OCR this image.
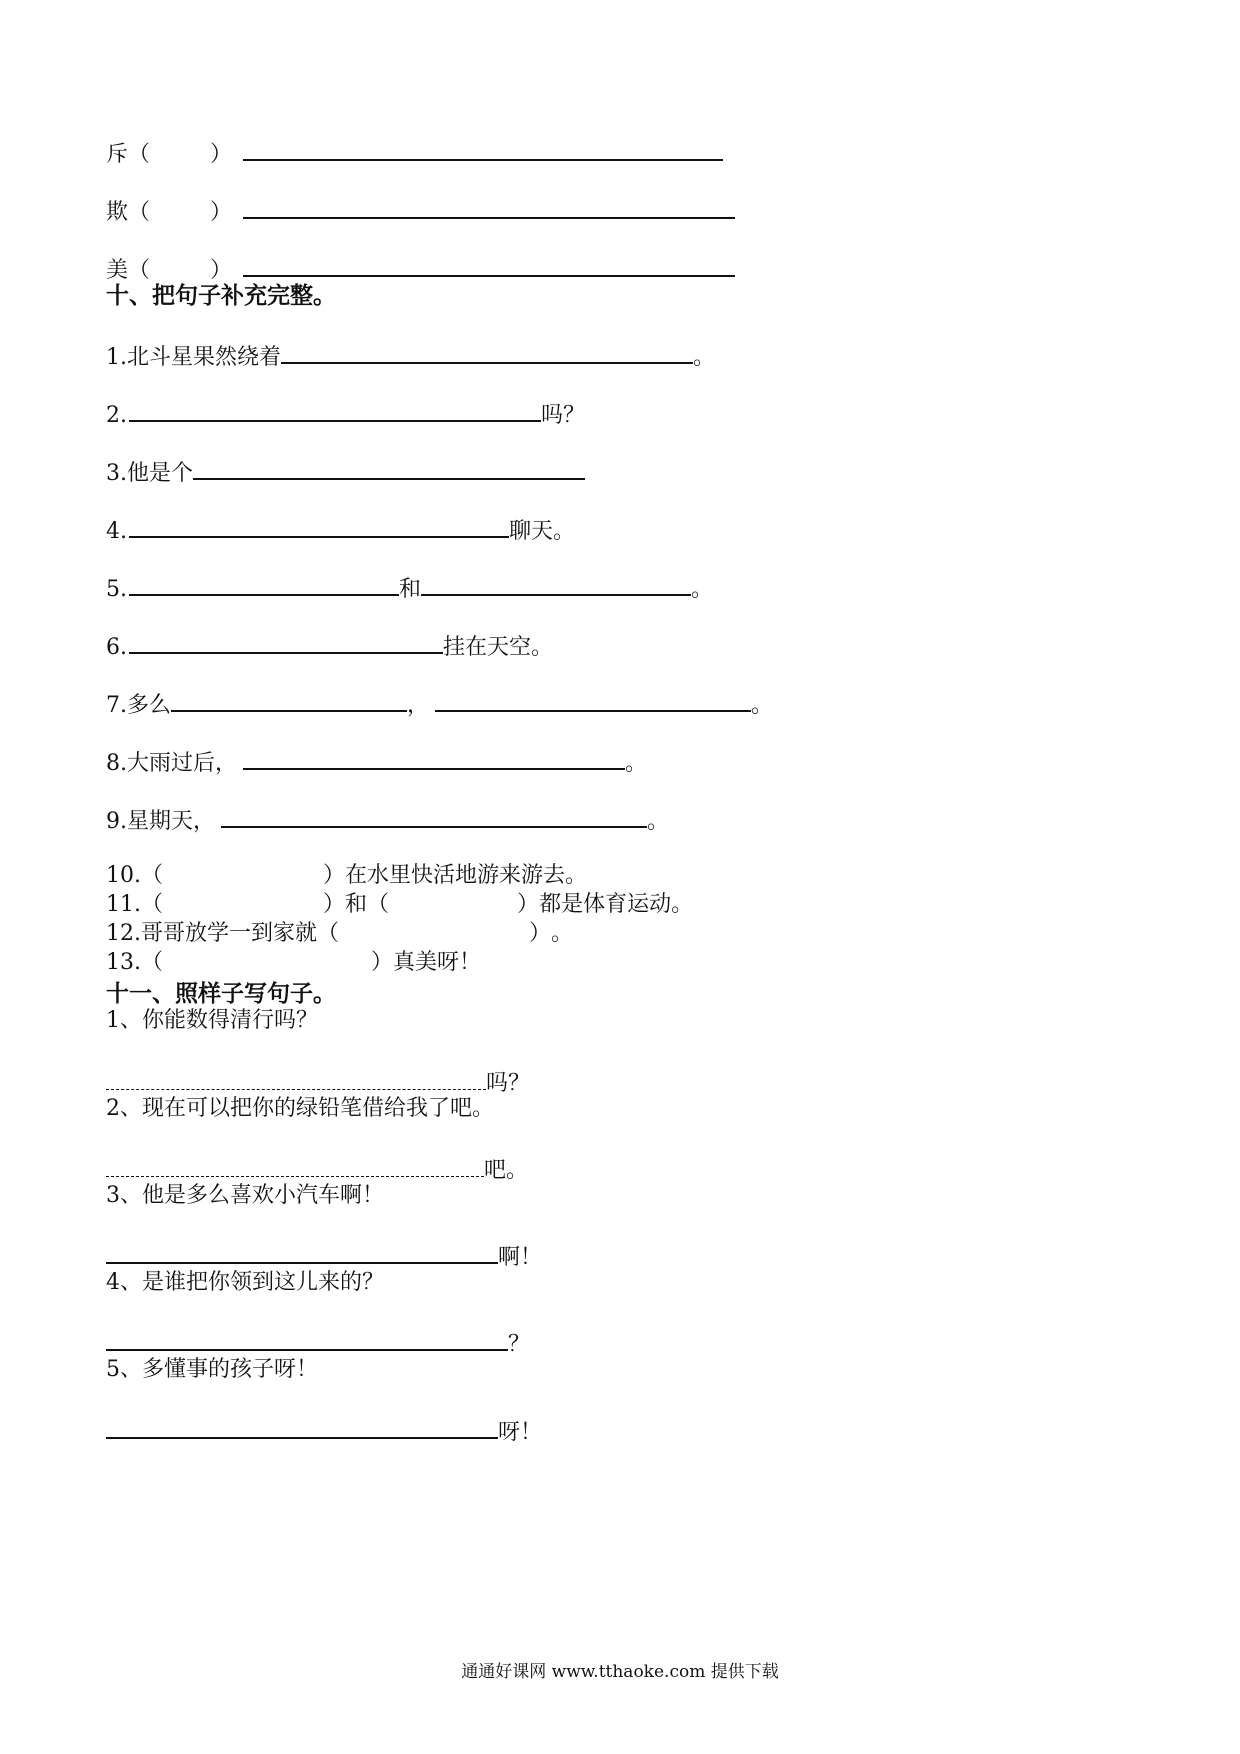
斥（	）
欺（	）
美（	）
十、把句子补充完整。
1.北斗星果然绕着	。
2.	吗？
3.他是个
4.	聊天。
5.	和	。
6.	挂在天空。
7.多么	，	。
8.大雨过后，	。
9.星期天，	。
10.（	）在水里快活地游来游去。
11.（	）和（	）都是体育运动。
12.哥哥放学一到家就（	）。
13.（	）真美呀！
十一、照样子写句子。
1、你能数得清行吗？
吗？
2、现在可以把你的绿铅笔借给我了吧。
吧。
3、他是多么喜欢小汽车啊！
啊！
4、是谁把你领到这儿来的？
？
5、多懂事的孩子呀！
呀！
通通好课网 www.tthaoke.com 提供下载
